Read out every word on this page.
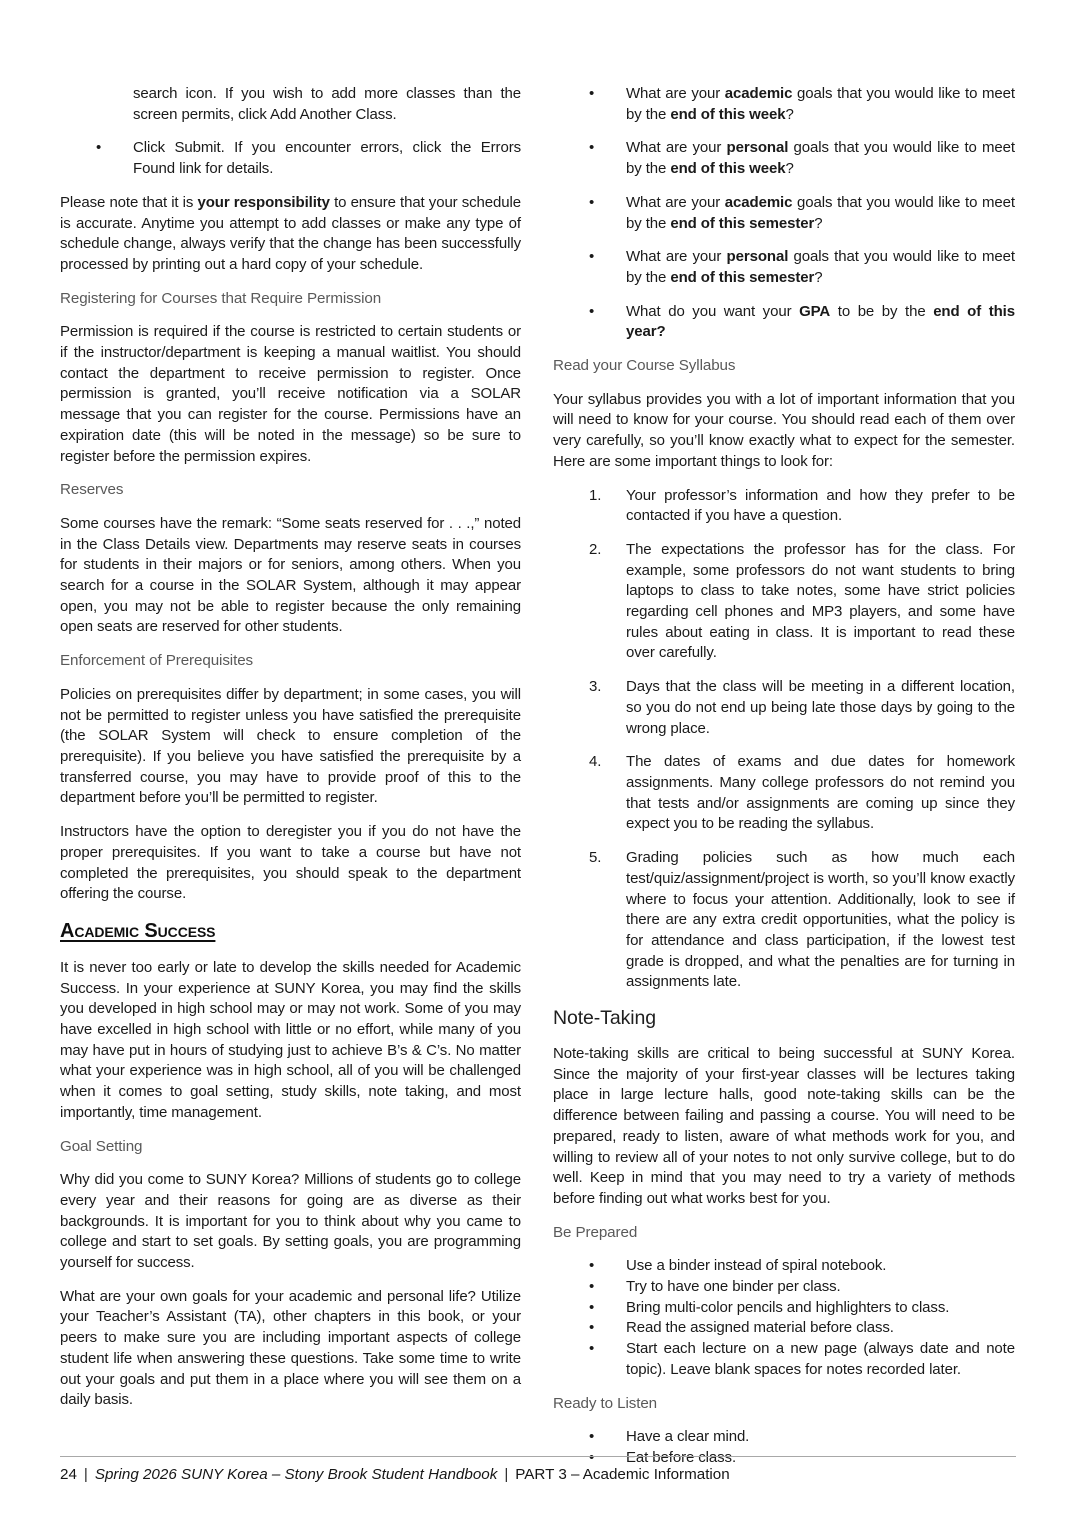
search icon. If you wish to add more classes than the screen permits, click Add Another Class.
•	Click Submit. If you encounter errors, click the Errors Found link for details.

Please note that it is your responsibility to ensure that your schedule is accurate. Anytime you attempt to add classes or make any type of schedule change, always verify that the change has been successfully processed by printing out a hard copy of your schedule.

Registering for Courses that Require Permission

Permission is required if the course is restricted to certain students or if the instructor/department is keeping a manual waitlist. You should contact the department to receive permission to register. Once permission is granted, you’ll receive notification via a SOLAR message that you can register for the course. Permissions have an expiration date (this will be noted in the message) so be sure to register before the permission expires.

Reserves

Some courses have the remark: “Some seats reserved for . . .,” noted in the Class Details view. Departments may reserve seats in courses for students in their majors or for seniors, among others. When you search for a course in the SOLAR System, although it may appear open, you may not be able to register because the only remaining open seats are reserved for other students.

Enforcement of Prerequisites

Policies on prerequisites differ by department; in some cases, you will not be permitted to register unless you have satisfied the prerequisite (the SOLAR System will check to ensure completion of the prerequisite). If you believe you have satisfied the prerequisite by a transferred course, you may have to provide proof of this to the department before you’ll be permitted to register.

Instructors have the option to deregister you if you do not have the proper prerequisites. If you want to take a course but have not completed the prerequisites, you should speak to the department offering the course.

Academic Success

It is never too early or late to develop the skills needed for Academic Success. In your experience at SUNY Korea, you may find the skills you developed in high school may or may not work. Some of you may have excelled in high school with little or no effort, while many of you may have put in hours of studying just to achieve B’s & C’s. No matter what your experience was in high school, all of you will be challenged when it comes to goal setting, study skills, note taking, and most importantly, time management.

Goal Setting

Why did you come to SUNY Korea? Millions of students go to college every year and their reasons for going are as diverse as their backgrounds. It is important for you to think about why you came to college and start to set goals. By setting goals, you are programming yourself for success.

What are your own goals for your academic and personal life? Utilize your Teacher’s Assistant (TA), other chapters in this book, or your peers to make sure you are including important aspects of college student life when answering these questions. Take some time to write out your goals and put them in a place where you will see them on a daily basis.

•	What are your academic goals that you would like to meet by the end of this week?
•	What are your personal goals that you would like to meet by the end of this week?
•	What are your academic goals that you would like to meet by the end of this semester?
•	What are your personal goals that you would like to meet by the end of this semester?
•	What do you want your GPA to be by the end of this year?
Read your Course Syllabus

Your syllabus provides you with a lot of important information that you will need to know for your course. You should read each of them over very carefully, so you’ll know exactly what to expect for the semester. Here are some important things to look for:

1.	Your professor’s information and how they prefer to be contacted if you have a question.
2.	The expectations the professor has for the class. For example, some professors do not want students to bring laptops to class to take notes, some have strict policies regarding cell phones and MP3 players, and some have rules about eating in class. It is important to read these over carefully.
3.	Days that the class will be meeting in a different location, so you do not end up being late those days by going to the wrong place.
4.	The dates of exams and due dates for homework assignments. Many college professors do not remind you that tests and/or assignments are coming up since they expect you to be reading the syllabus.
5.	Grading policies such as how much each test/quiz/assignment/project is worth, so you’ll know exactly where to focus your attention. Additionally, look to see if there are any extra credit opportunities, what the policy is for attendance and class participation, if the lowest test grade is dropped, and what the penalties are for turning in assignments late.
Note-Taking

Note-taking skills are critical to being successful at SUNY Korea. Since the majority of your first-year classes will be lectures taking place in large lecture halls, good note-taking skills can be the difference between failing and passing a course. You will need to be prepared, ready to listen, aware of what methods work for you, and willing to review all of your notes to not only survive college, but to do well. Keep in mind that you may need to try a variety of methods before finding out what works best for you.

Be Prepared
•	Use a binder instead of spiral notebook.
•	Try to have one binder per class.
•	Bring multi-color pencils and highlighters to class.
•	Read the assigned material before class.
•	Start each lecture on a new page (always date and note topic). Leave blank spaces for notes recorded later.
Ready to Listen
•	Have a clear mind.
•	Eat before class.
24 | Spring 2026 SUNY Korea – Stony Brook Student Handbook | PART 3 – Academic Information
